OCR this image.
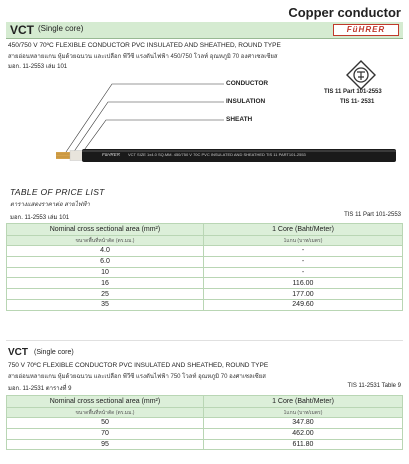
Copper conductor
VCT (Single core)	FüHRER
450/750 V 70ºC FLEXIBLE CONDUCTOR PVC INSULATED AND SHEATHED, ROUND TYPE
สายอ่อนหลายแกน หุ้มด้วยฉนวน และเปลือก พีวีซี แรงดันไฟฟ้า 450/750 โวลท์ อุณหภูมิ 70 องศาเซลเซียส
มอก. 11-2553 เล่ม 101
TIS 11 Part 101-2553
TIS 11- 2531
CONDUCTOR
INSULATION
SHEATH
FüHRER VCT SIZE 1x4.0 SQ.MM. 450/750 V 70C PVC INSULATED AND SHEATHED TIS 11 PART101-2553
TABLE OF PRICE LIST
ตารางแสดงราคาต่อ สายไฟฟ้า
มอก. 11-2553 เล่ม 101	TIS 11 Part 101-2553
Nominal cross sectional area (mm²)	1 Core (Baht/Meter)
ขนาดพื้นที่หน้าตัด (ตร.มม.)	1แกน (บาท/เมตร)
4.0	-
6.0	-
10	-
16	116.00
25	177.00
35	249.60
VCT (Single core)
750 V 70ºC FLEXIBLE CONDUCTOR PVC INSULATED AND SHEATHED, ROUND TYPE
สายอ่อนหลายแกน หุ้มด้วยฉนวน และเปลือก พีวีซี แรงดันไฟฟ้า 750 โวลท์ อุณหภูมิ 70 องศาเซลเซียส
มอก. 11-2531 ตารางที่ 9	TIS 11-2531 Table 9
Nominal cross sectional area (mm²)	1 Core (Baht/Meter)
ขนาดพื้นที่หน้าตัด (ตร.มม.)	1แกน (บาท/เมตร)
50	347.80
70	462.00
95	611.80
